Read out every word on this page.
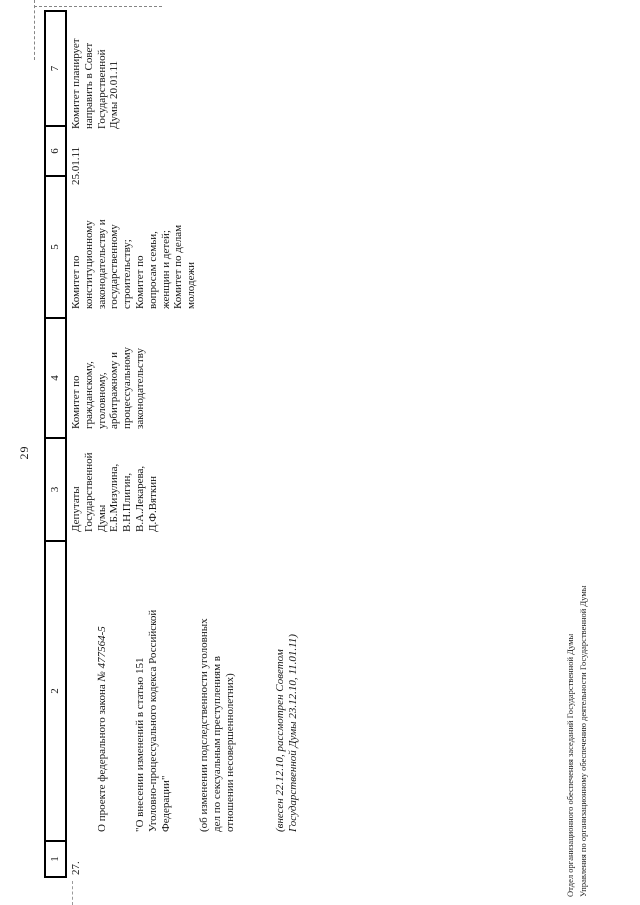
29
1
2
3
4
5
6
7
27.

О проекте федерального закона № 477564-5

"О внесении изменений в статью 151
Уголовно-процессуального кодекса Российской
Федерации"

(об изменении подследственности уголовных
дел по сексуальным преступлениям в
отношении несовершеннолетних)

(внесен 22.12.10, рассмотрен Советом
Государственной Думы 23.12.10, 11.01.11)

Депутаты
Государственной
Думы
Е.Б.Мизулина,
В.Н.Плигин,
В.А.Лекарева,
Д.Ф.Вяткин
Комитет по
гражданскому,
уголовному,
арбитражному и
процессуальному
законодательству
Комитет по
конституционному
законодательству и
государственному
строительству;
Комитет по
вопросам семьи,
женщин и детей;
Комитет по делам
молодежи
25.01.11
Комитет планирует
направить в Совет
Государственной
Думы 20.01.11
Отдел организационного обеспечения заседаний Государственной Думы Управления по организационному обеспечению деятельности Государственной Думы
